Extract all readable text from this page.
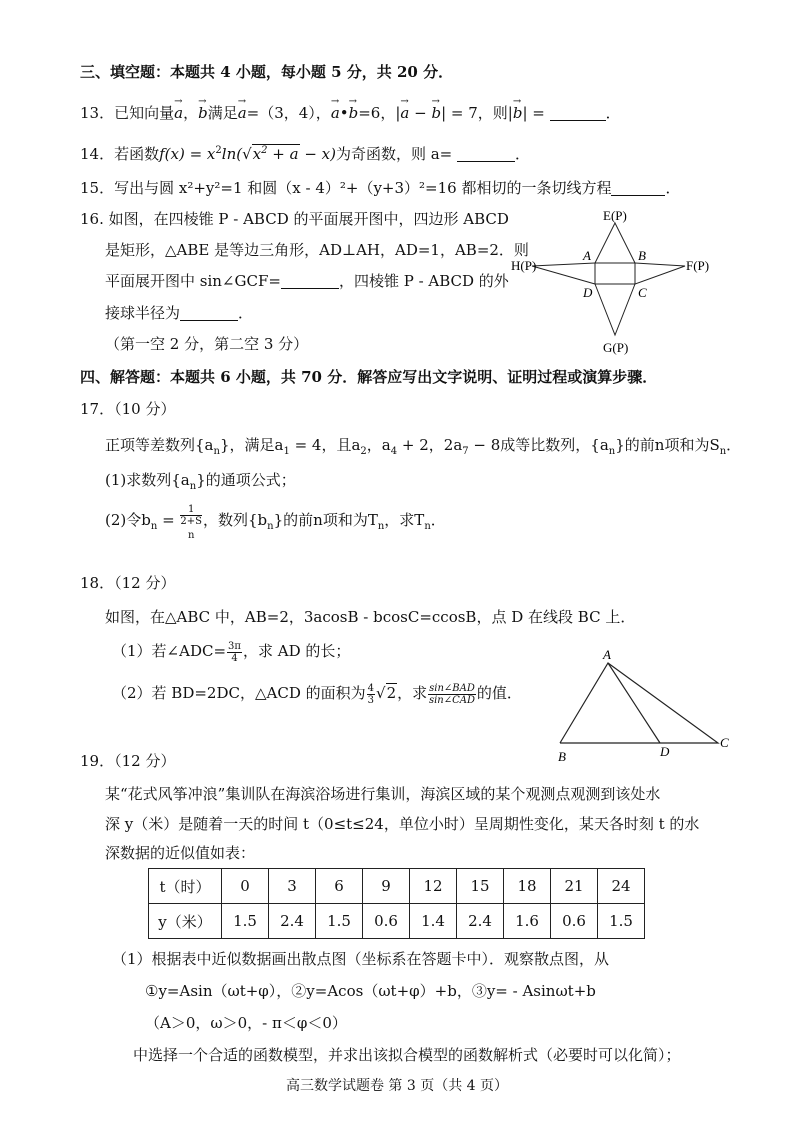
三、填空题：本题共 4 小题，每小题 5 分，共 20 分．
13．已知向量→ a，→ b满足→ a=（3，4），→ a•→ b=6，|→ a − → b| = 7，则|→ b| =	．
14．若函数$f(x) = x^2\ln(√x^2 + a - x)$为奇函数，则 a=	．
15．写出与圆 x²+y²=1 和圆（x - 4）²+（y+3）²=16 都相切的一条切线方程	．
16. 如图，在四棱锥 P - ABCD 的平面展开图中，四边形 ABCD
是矩形，△ABE 是等边三角形，AD⊥AH，AD=1，AB=2．则
平面展开图中 sin∠GCF=	，四棱锥 P - ABCD 的外
接球半径为	．
（第一空 2 分，第二空 3 分）
E(P)
H(P)	F(P)
G(P)
A	B
C
D
四、解答题：本题共 6 小题，共 70 分．解答应写出文字说明、证明过程或演算步骤．
17．（10 分）
正项等差数列$\{a_n\}$，满足$a_1 = 4$，且$a_2$，$a_4 + 2$，$2a_7 - 8$成等比数列，$\{a_n\}$的前n项和为$S_n$．
(1)求数列$\{a_n\}$的通项公式；
(2)令$b_n = 1$
2+S
$_n$ ，数列$\{b_n\}$的前n项和为$T_n$，求$T_n$．
18．（12 分）
如图，在△ABC 中，AB=2，3acosB - bcosC=ccosB，点 D 在线段 BC 上．
（1）若∠ADC= $\frac{3\pi}{4}$ ，求 AD 的长；
（2）若 BD=2DC，△ACD 的面积为 $\frac{4}{3} √2$，求 $\frac{\text{sin∠BAD}}{\text{sin∠CAD}}$ 的值．
A
B
C
D
19．（12 分）
某“花式风筝冲浪”集训队在海滨浴场进行集训，海滨区域的某个观测点观测到该处水
深 y（米）是随着一天的时间 t（0≤t≤24，单位小时）呈周期性变化，某天各时刻 t 的水
深数据的近似值如表：
t（时）	0	3	6	9	12	15	18	21	24
y（米）	1.5	2.4	1.5	0.6	1.4	2.4	1.6	0.6	1.5
（1）根据表中近似数据画出散点图（坐标系在答题卡中）．观察散点图，从
①y=Asin（ωt+φ），②y=Acos（ωt+φ）+b，③y= - Asinωt+b
（A＞0，ω＞0，- π＜φ＜0）
中选择一个合适的函数模型，并求出该拟合模型的函数解析式（必要时可以化简）；
高三数学试题卷 第 3 页（共 4 页）
